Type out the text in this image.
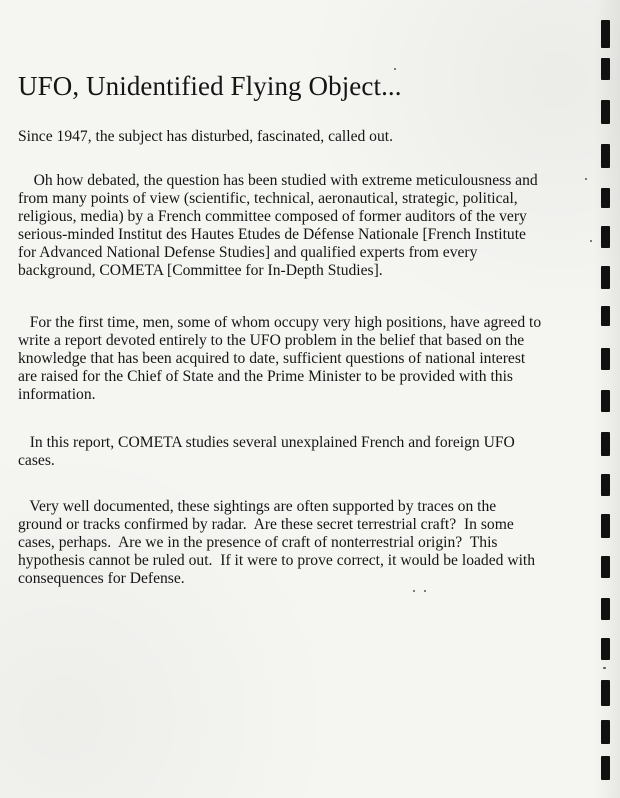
UFO, Unidentified Flying Object...
Since 1947, the subject has disturbed, fascinated, called out.
Oh how debated, the question has been studied with extreme meticulousness and
from many points of view (scientific, technical, aeronautical, strategic, political,
religious, media) by a French committee composed of former auditors of the very
serious-minded Institut des Hautes Etudes de Défense Nationale [French Institute
for Advanced National Defense Studies] and qualified experts from every
background, COMETA [Committee for In-Depth Studies].
For the first time, men, some of whom occupy very high positions, have agreed to
write a report devoted entirely to the UFO problem in the belief that based on the
knowledge that has been acquired to date, sufficient questions of national interest
are raised for the Chief of State and the Prime Minister to be provided with this
information.
In this report, COMETA studies several unexplained French and foreign UFO
cases.
Very well documented, these sightings are often supported by traces on the
ground or tracks confirmed by radar.  Are these secret terrestrial craft?  In some
cases, perhaps.  Are we in the presence of craft of nonterrestrial origin?  This
hypothesis cannot be ruled out.  If it were to prove correct, it would be loaded with
consequences for Defense.
